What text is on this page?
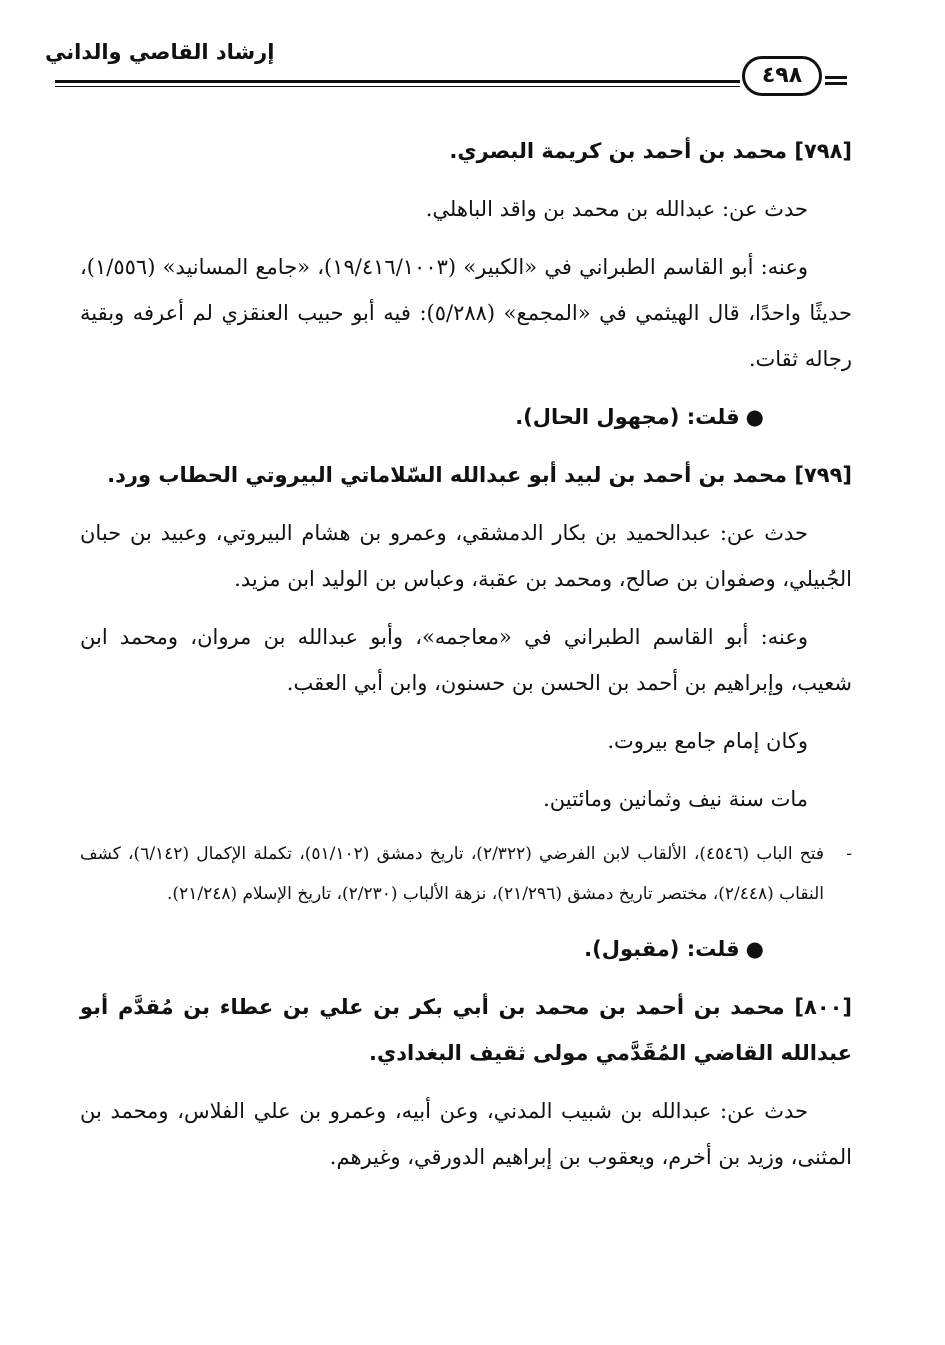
إرشاد القاصي والداني
٤٩٨

[٧٩٨] محمد بن أحمد بن كريمة البصري.

حدث عن: عبدالله بن محمد بن واقد الباهلي.

وعنه: أبو القاسم الطبراني في «الكبير» (١٩/٤١٦/١٠٠٣)، «جامع المسانيد» (١/٥٥٦)، حديثًا واحدًا، قال الهيثمي في «المجمع» (٥/٢٨٨): فيه أبو حبيب العنقزي لم أعرفه وبقية رجاله ثقات.

●قلت: (مجهول الحال).

[٧٩٩] محمد بن أحمد بن لبيد أبو عبدالله السّلاماتي البيروتي الحطاب ورد.

حدث عن: عبدالحميد بن بكار الدمشقي، وعمرو بن هشام البيروتي، وعبيد بن حبان الجُبيلي، وصفوان بن صالح، ومحمد بن عقبة، وعباس بن الوليد ابن مزيد.

وعنه: أبو القاسم الطبراني في «معاجمه»، وأبو عبدالله بن مروان، ومحمد ابن شعيب، وإبراهيم بن أحمد بن الحسن بن حسنون، وابن أبي العقب.

وكان إمام جامع بيروت.

مات سنة نيف وثمانين ومائتين.

-
فتح الباب (٤٥٤٦)، الألقاب لابن الفرضي (٢/٣٢٢)، تاريخ دمشق (٥١/١٠٢)، تكملة الإكمال (٦/١٤٢)، كشف النقاب (٢/٤٤٨)، مختصر تاريخ دمشق (٢١/٢٩٦)، نزهة الألباب (٢/٢٣٠)، تاريخ الإسلام (٢١/٢٤٨).

●قلت: (مقبول).

[٨٠٠] محمد بن أحمد بن محمد بن أبي بكر بن علي بن عطاء بن مُقدَّم أبو عبدالله القاضي المُقَدَّمي مولى ثقيف البغدادي.

حدث عن: عبدالله بن شبيب المدني، وعن أبيه، وعمرو بن علي الفلاس، ومحمد بن المثنى، وزيد بن أخرم، ويعقوب بن إبراهيم الدورقي، وغيرهم.
